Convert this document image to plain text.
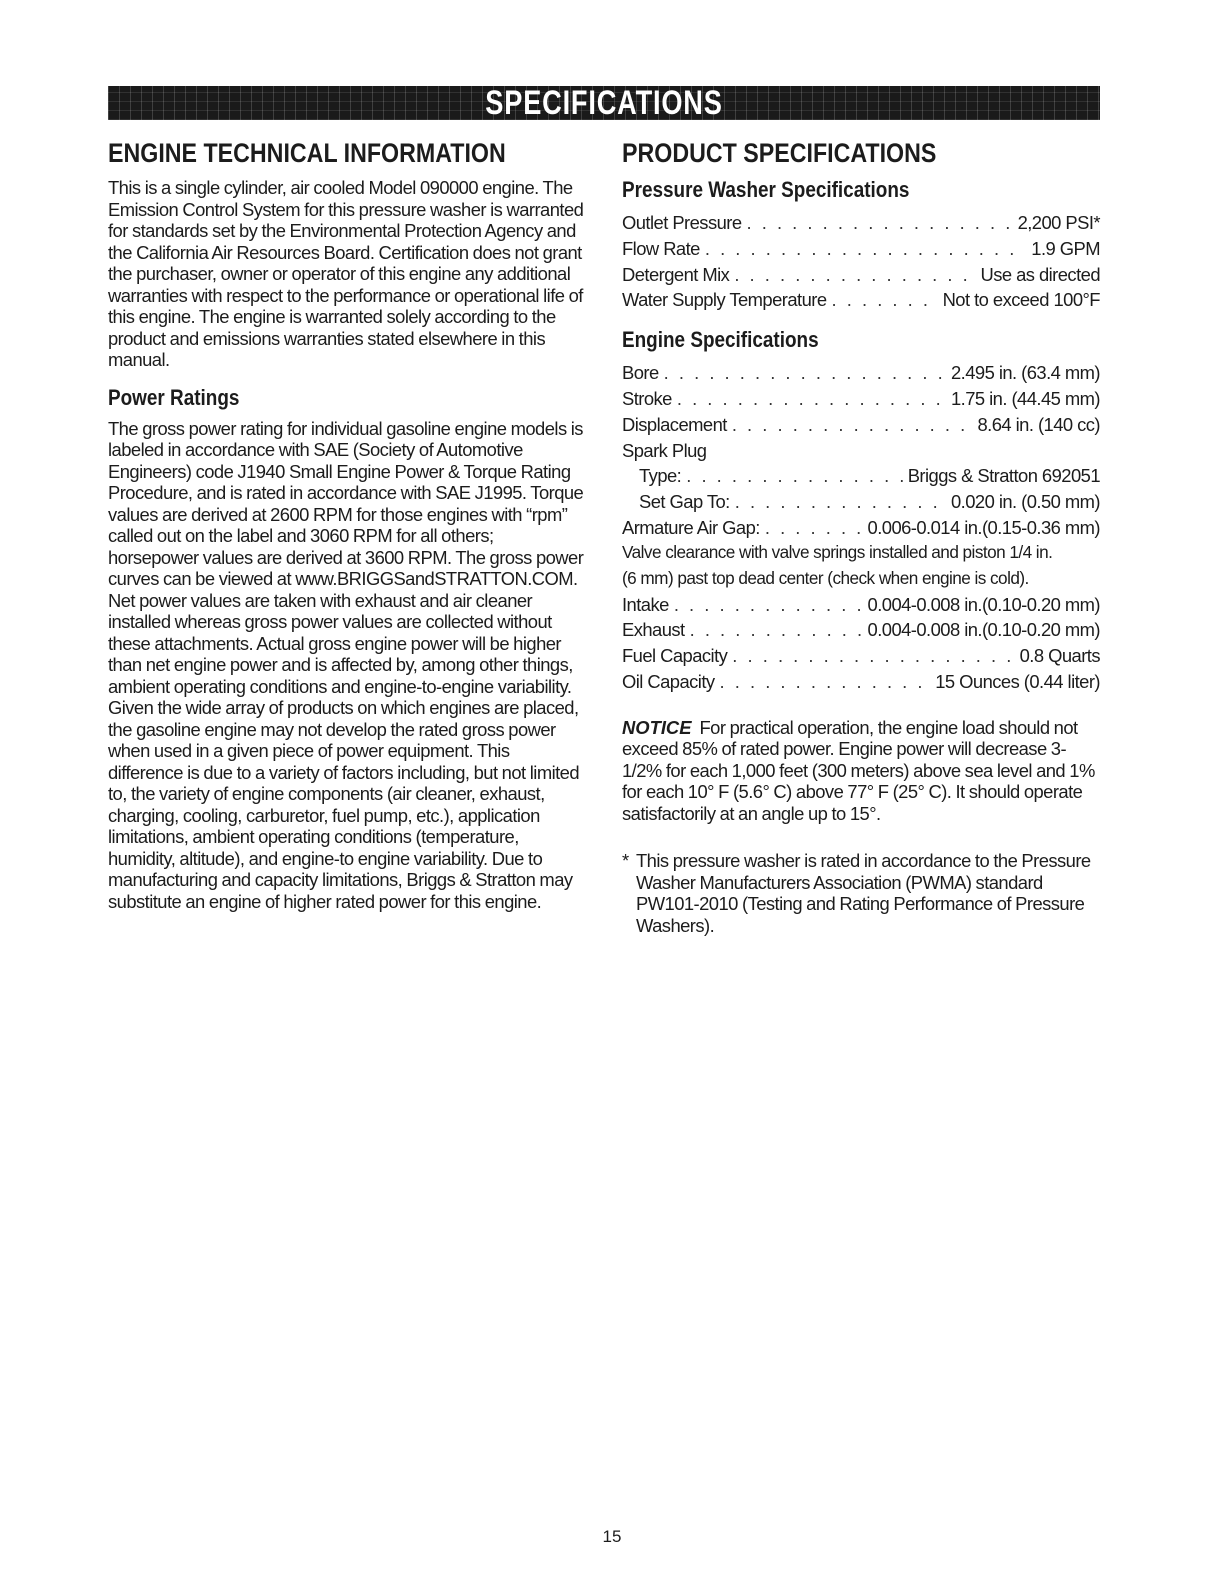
SPECIFICATIONS
ENGINE TECHNICAL INFORMATION

This is a single cylinder, air cooled Model 090000 engine. The Emission Control System for this pressure washer is warranted for standards set by the Environmental Protection Agency and the California Air Resources Board. Certification does not grant the purchaser, owner or operator of this engine any additional warranties with respect to the performance or operational life of this engine. The engine is warranted solely according to the product and emissions warranties stated elsewhere in this manual.

Power Ratings

The gross power rating for individual gasoline engine models is labeled in accordance with SAE (Society of Automotive Engineers) code J1940 Small Engine Power & Torque Rating Procedure, and is rated in accordance with SAE J1995. Torque values are derived at 2600 RPM for those engines with “rpm” called out on the label and 3060 RPM for all others; horsepower values are derived at 3600 RPM. The gross power curves can be viewed at www.BRIGGSandSTRATTON.COM. Net power values are taken with exhaust and air cleaner installed whereas gross power values are collected without these attachments. Actual gross engine power will be higher than net engine power and is affected by, among other things, ambient operating conditions and engine-to-engine variability. Given the wide array of products on which engines are placed, the gasoline engine may not develop the rated gross power when used in a given piece of power equipment. This difference is due to a variety of factors including, but not limited to, the variety of engine components (air cleaner, exhaust, charging, cooling, carburetor, fuel pump, etc.), application limitations, ambient operating conditions (temperature, humidity, altitude), and engine-to engine variability. Due to manufacturing and capacity limitations, Briggs & Stratton may substitute an engine of higher rated power for this engine.

PRODUCT SPECIFICATIONS
Pressure Washer Specifications
Outlet Pressure . . .	2,200 PSI*
Flow Rate . . .	1.9 GPM
Detergent Mix . . .	Use as directed
Water Supply Temperature . . .	Not to exceed 100°F
Engine Specifications
Bore . . .	2.495 in. (63.4 mm)
Stroke . . .	1.75 in. (44.45 mm)
Displacement . . .	8.64 in. (140 cc)
Spark Plug
Type: . . .	Briggs & Stratton 692051
Set Gap To: . . .	0.020 in. (0.50 mm)
Armature Air Gap: . . .	0.006-0.014 in.(0.15-0.36 mm)
Valve clearance with valve springs installed and piston 1/4 in.
(6 mm) past top dead center (check when engine is cold).
Intake . . .	0.004-0.008 in.(0.10-0.20 mm)
Exhaust . . .	0.004-0.008 in.(0.10-0.20 mm)
Fuel Capacity . . .	0.8 Quarts
Oil Capacity . . .	15 Ounces (0.44 liter)

NOTICE For practical operation, the engine load should not exceed 85% of rated power. Engine power will decrease 3-1/2% for each 1,000 feet (300 meters) above sea level and 1% for each 10° F (5.6° C) above 77° F (25° C). It should operate satisfactorily at an angle up to 15°.

* This pressure washer is rated in accordance to the Pressure Washer Manufacturers Association (PWMA) standard PW101-2010 (Testing and Rating Performance of Pressure Washers).

15
